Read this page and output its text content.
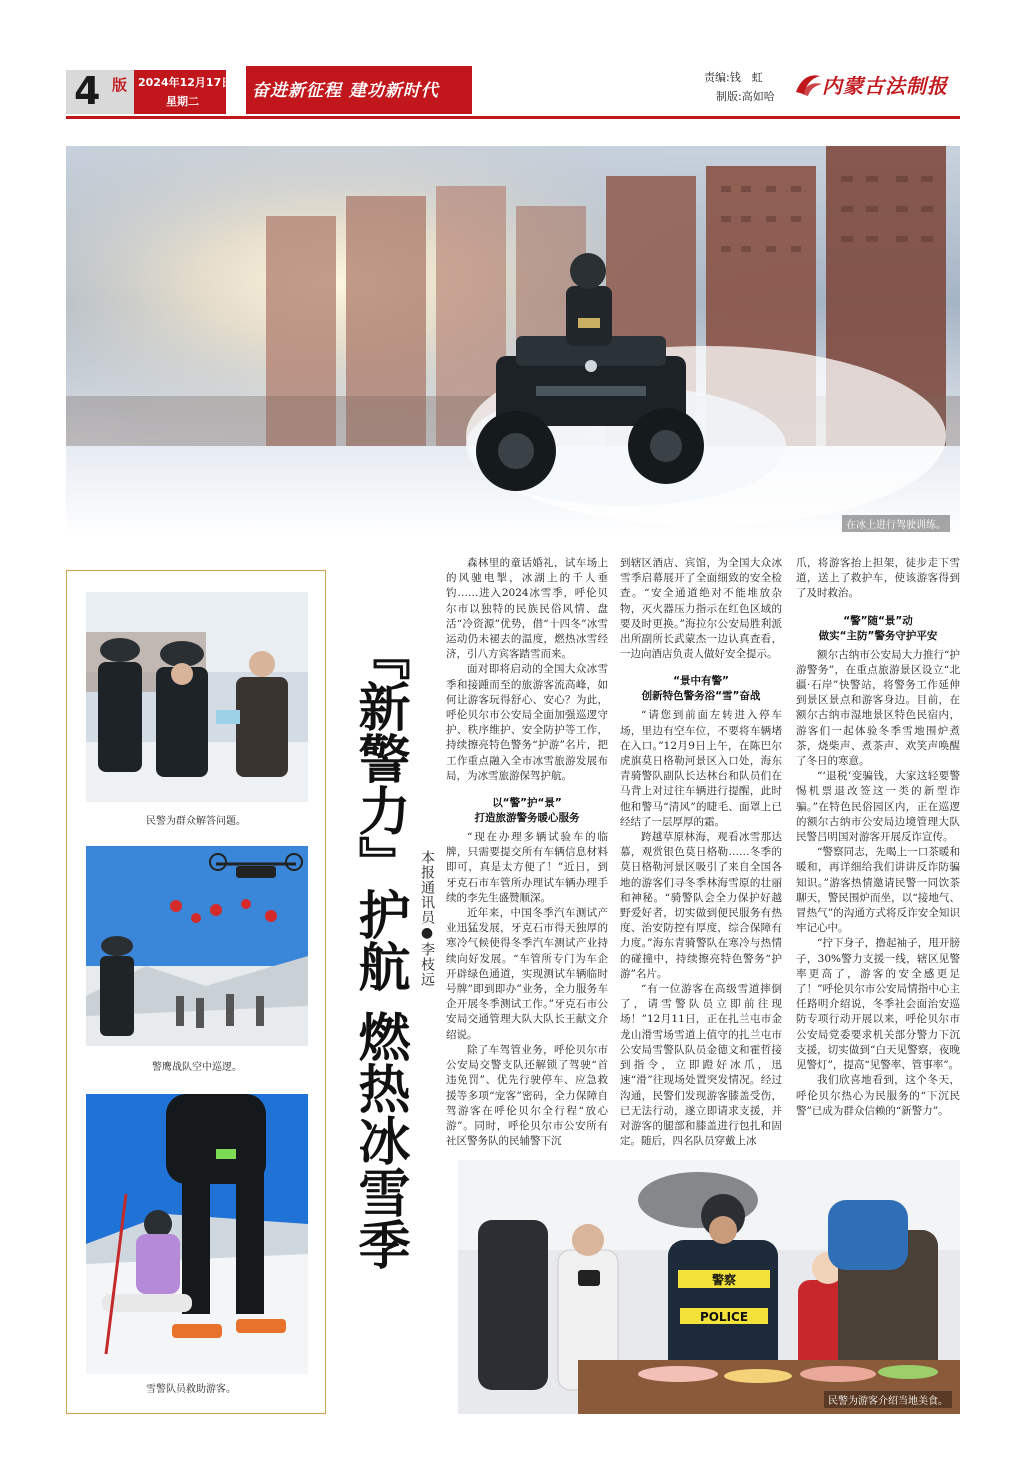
4 版 2024年12月17日
星期二
奋进新征程 建功新时代
责编:钱　虹
制版:高如哈 内蒙古法制报
在冰上进行驾驶训练。
民警为群众解答问题。
警鹰战队空中巡逻。
雪警队员救助游客。
『新警力』护航 燃热冰雪季 本报通讯员●李枝远

森林里的童话婚礼，试车场上的风驰电掣，冰湖上的千人垂钓……进入2024冰雪季，呼伦贝尔市以独特的民族民俗风情、盘活“冷资源”优势，借“十四冬”冰雪运动仍未褪去的温度，燃热冰雪经济，引八方宾客踏雪而来。

面对即将启动的全国大众冰雪季和接踵而至的旅游客流高峰，如何让游客玩得舒心、安心？为此，呼伦贝尔市公安局全面加强巡逻守护、秩序维护、安全防护等工作，持续擦亮特色警务“护游”名片，把工作重点融入全市冰雪旅游发展布局，为冰雪旅游保驾护航。

以“警”护“景”
打造旅游警务暖心服务

“现在办理多辆试验车的临牌，只需要提交所有车辆信息材料即可，真是太方便了！”近日，到牙克石市车管所办理试车辆办理手续的李先生盛赞顺深。

近年来，中国冬季汽车测试产业迅猛发展，牙克石市得天独厚的寒冷气候使得冬季汽车测试产业持续向好发展。“车管所专门为车企开辟绿色通道，实现测试车辆临时号牌”即到即办”业务，全力服务车企开展冬季测试工作。”牙克石市公安局交通管理大队大队长王献文介绍说。

除了车驾管业务，呼伦贝尔市公安局交警支队还解锁了驾驶“首违免罚”、优先行驶停车、应急救援等多项“宠客”密码，全力保障自驾游客在呼伦贝尔全行程“放心游”。同时，呼伦贝尔市公安所有社区警务队的民辅警下沉

到辖区酒店、宾馆，为全国大众冰雪季启幕展开了全面细致的安全检查。“安全通道绝对不能堆放杂物，灭火器压力指示在红色区域的要及时更换。”海拉尔公安局胜利派出所副所长武蒙杰一边认真查看，一边向酒店负责人做好安全提示。

“景中有警”
创新特色警务浴“雪”奋战

“请您到前面左转进入停车场，里边有空车位，不要将车辆堵在入口。”12月9日上午，在陈巴尔虎旗莫日格勒河景区入口处，海东青骑警队副队长达林台和队员们在马背上对过往车辆进行提醒，此时他和警马“清风”的睫毛、面罩上已经结了一层厚厚的霜。

跨越草原林海，观看冰雪那达慕，观赏银色莫日格勒……冬季的莫日格勒河景区吸引了来自全国各地的游客们寻冬季林海雪原的壮丽和神秘。“骑警队会全力保护好越野爱好者，切实做到便民服务有热度、治安防控有厚度，综合保障有力度。”海东青骑警队在寒冷与热情的碰撞中，持续擦亮特色警务“护游”名片。

“有一位游客在高级雪道摔倒了，请雪警队员立即前往现场！”12月11日，正在扎兰屯市金龙山滑雪场雪道上值守的扎兰屯市公安局雪警队队员金德文和霍哲接到指令，立即蹬好冰爪，迅速“滑”往现场处置突发情况。经过沟通，民警们发现游客膝盖受伤，已无法行动，遂立即请求支援，并对游客的腿部和膝盖进行包扎和固定。随后，四名队员穿戴上冰

爪，将游客抬上担架，徒步走下雪道，送上了救护车，使该游客得到了及时救治。

“警”随“景”动
做实“主防”警务守护平安

额尔古纳市公安局大力推行“护游警务”，在重点旅游景区设立“北疆·石岸”快警站，将警务工作延伸到景区景点和游客身边。目前，在额尔古纳市湿地景区特色民宿内，游客们一起体验冬季雪地围炉煮茶，烧柴声、煮茶声、欢笑声唤醒了冬日的寒意。

“‘退税’变骗钱，大家这轻要警惕机票退改签这一类的新型诈骗。”在特色民俗园区内，正在巡逻的额尔古纳市公安局边境管理大队民警吕明国对游客开展反诈宣传。

“警察同志，先喝上一口茶暖和暖和，再详细给我们讲讲反诈防骗知识。”游客热情邀请民警一同饮茶聊天，警民围炉而坐，以“接地气、冒热气”的沟通方式将反诈安全知识牢记心中。

“拧下身子，撸起袖子，甩开膀子，30%警力支援一线，辖区见警率更高了，游客的安全感更足了！”呼伦贝尔市公安局情指中心主任路明介绍说，冬季社会面治安巡防专项行动开展以来，呼伦贝尔市公安局党委要求机关部分警力下沉支援，切实做到“白天见警察，夜晚见警灯”，提高“见警率、管事率”。

我们欣喜地看到，这个冬天，呼伦贝尔热心为民服务的“下沉民警”已成为群众信赖的“新警力”。

警察
POLICE
民警为游客介绍当地美食。
